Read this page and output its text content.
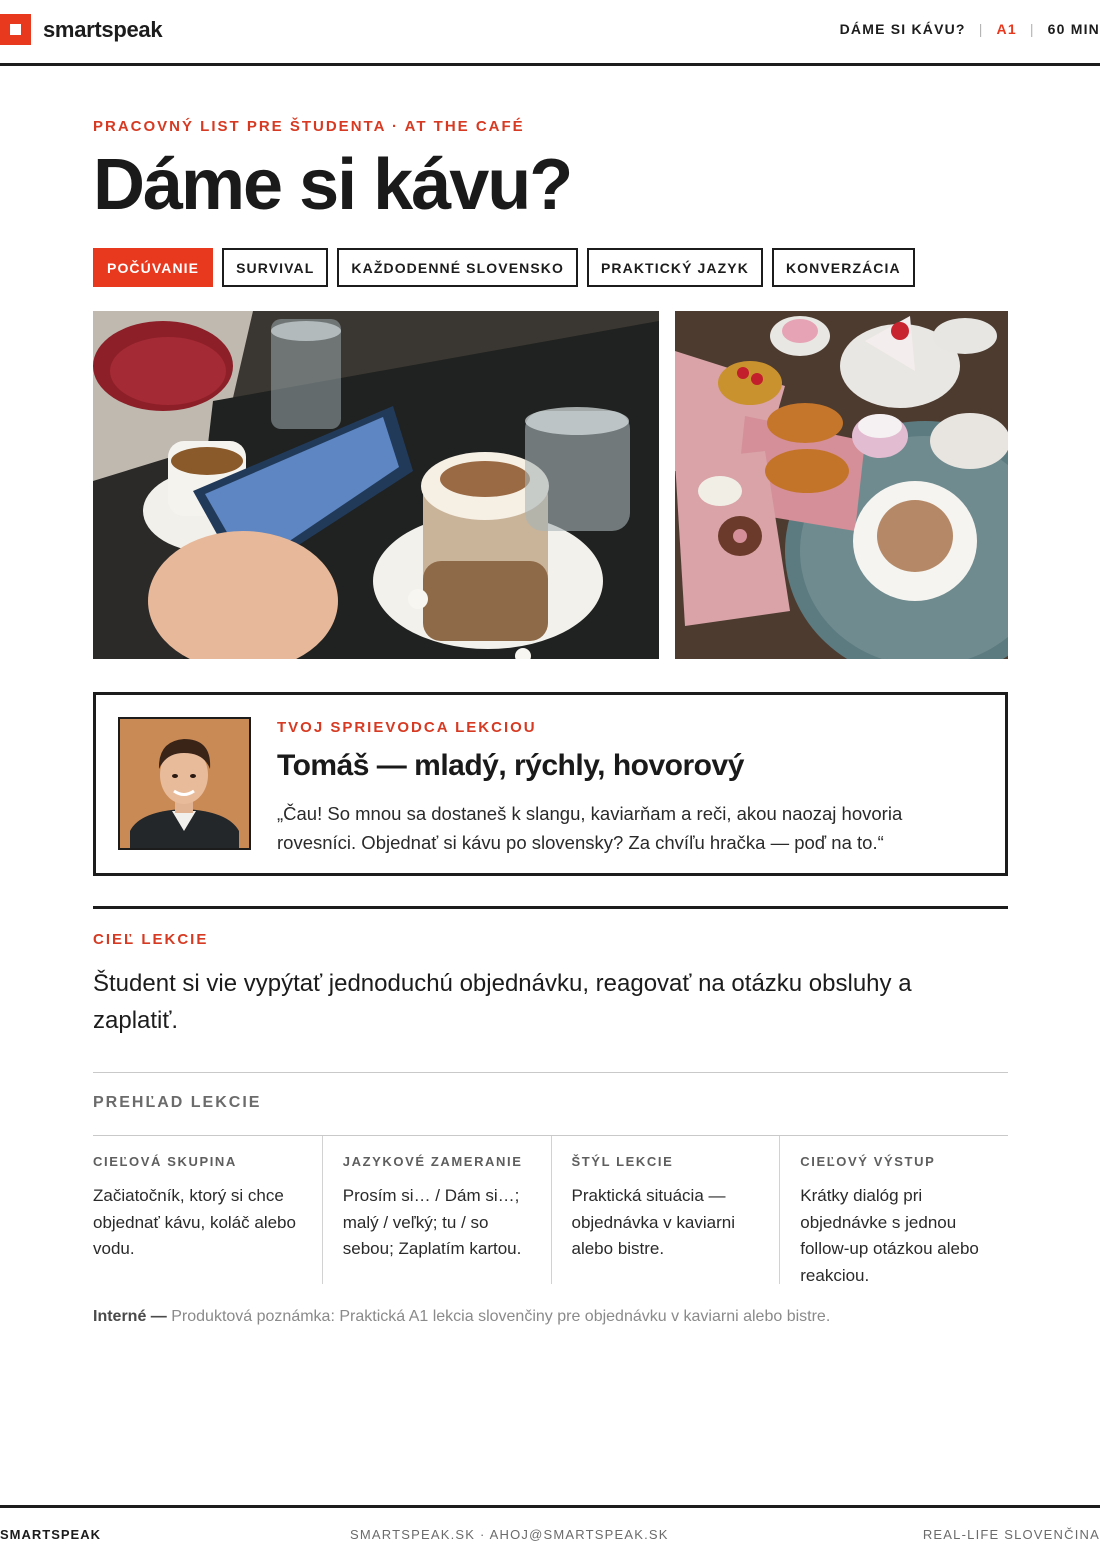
smartspeak	DÁME SI KÁVU? | A1 | 60 MIN
PRACOVNÝ LIST PRE ŠTUDENTA · AT THE CAFÉ
Dáme si kávu?
POČÚVANIE	SURVIVAL	KAŽDODENNÉ SLOVENSKO	PRAKTICKÝ JAZYK	KONVERZÁCIA
TVOJ SPRIEVODCA LEKCIOU
Tomáš — mladý, rýchly, hovorový

„Čau! So mnou sa dostaneš k slangu, kaviarňam a reči, akou naozaj hovoria rovesníci. Objednať si kávu po slovensky? Za chvíľu hračka — poď na to.“

CIEĽ LEKCIE

Študent si vie vypýtať jednoduchú objednávku, reagovať na otázku obsluhy a zaplatiť.

PREHĽAD LEKCIE
CIEĽOVÁ SKUPINA
Začiatočník, ktorý si chce objednať kávu, koláč alebo vodu.
JAZYKOVÉ ZAMERANIE
Prosím si… / Dám si…; malý / veľký; tu / so sebou; Zaplatím kartou.
ŠTÝL LEKCIE
Praktická situácia — objednávka v kaviarni alebo bistre.
CIEĽOVÝ VÝSTUP
Krátky dialóg pri objednávke s jednou follow-up otázkou alebo reakciou.
Interné — Produktová poznámka: Praktická A1 lekcia slovenčiny pre objednávku v kaviarni alebo bistre.
SMARTSPEAK	SMARTSPEAK.SK · AHOJ@SMARTSPEAK.SK	REAL-LIFE SLOVENČINA
